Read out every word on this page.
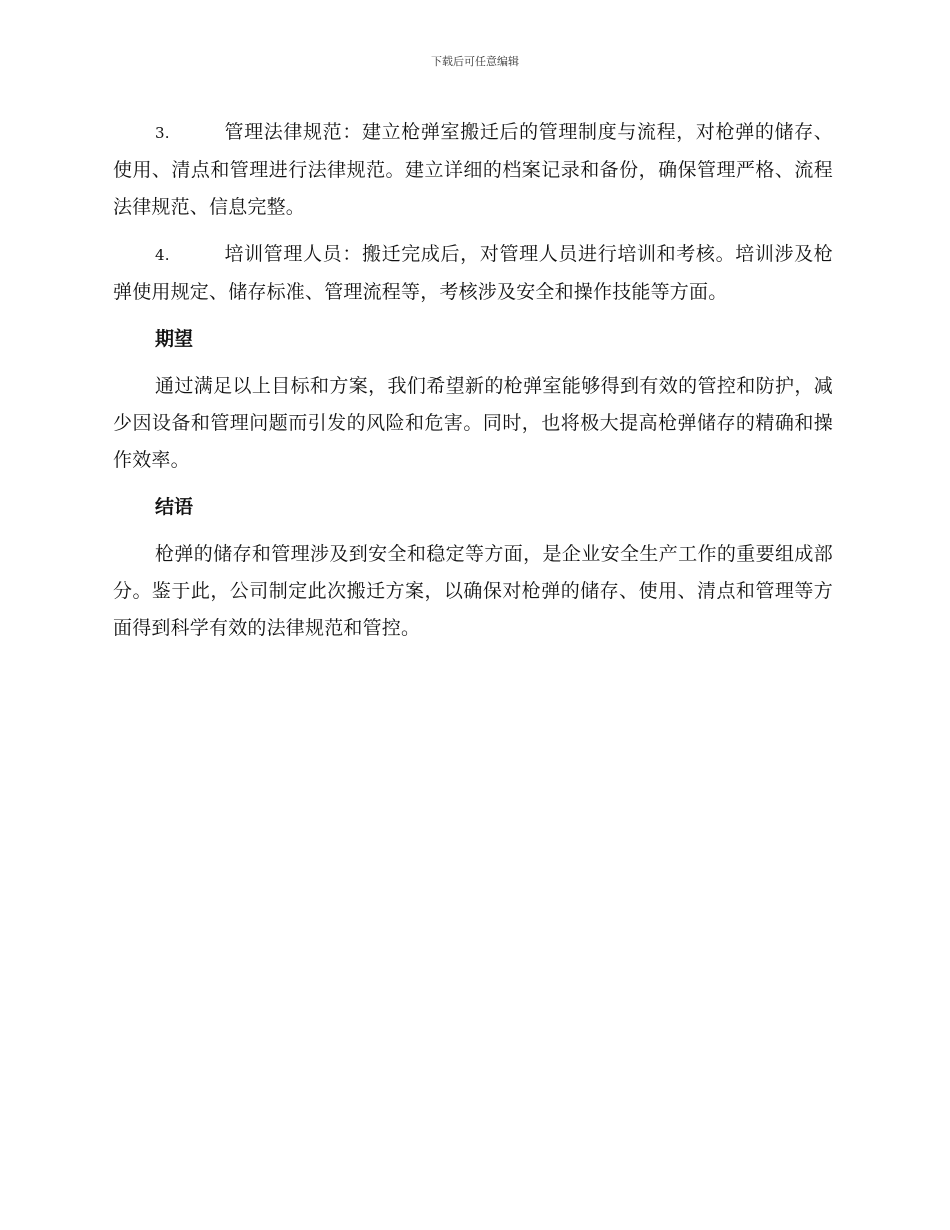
下载后可任意编辑

3.	管理法律规范：建立枪弹室搬迁后的管理制度与流程，对枪弹的储存、使用、清点和管理进行法律规范。建立详细的档案记录和备份，确保管理严格、流程法律规范、信息完整。

4.	培训管理人员：搬迁完成后，对管理人员进行培训和考核。培训涉及枪弹使用规定、储存标准、管理流程等，考核涉及安全和操作技能等方面。

期望

通过满足以上目标和方案，我们希望新的枪弹室能够得到有效的管控和防护，减少因设备和管理问题而引发的风险和危害。同时，也将极大提高枪弹储存的精确和操作效率。

结语

枪弹的储存和管理涉及到安全和稳定等方面，是企业安全生产工作的重要组成部分。鉴于此，公司制定此次搬迁方案，以确保对枪弹的储存、使用、清点和管理等方面得到科学有效的法律规范和管控。
